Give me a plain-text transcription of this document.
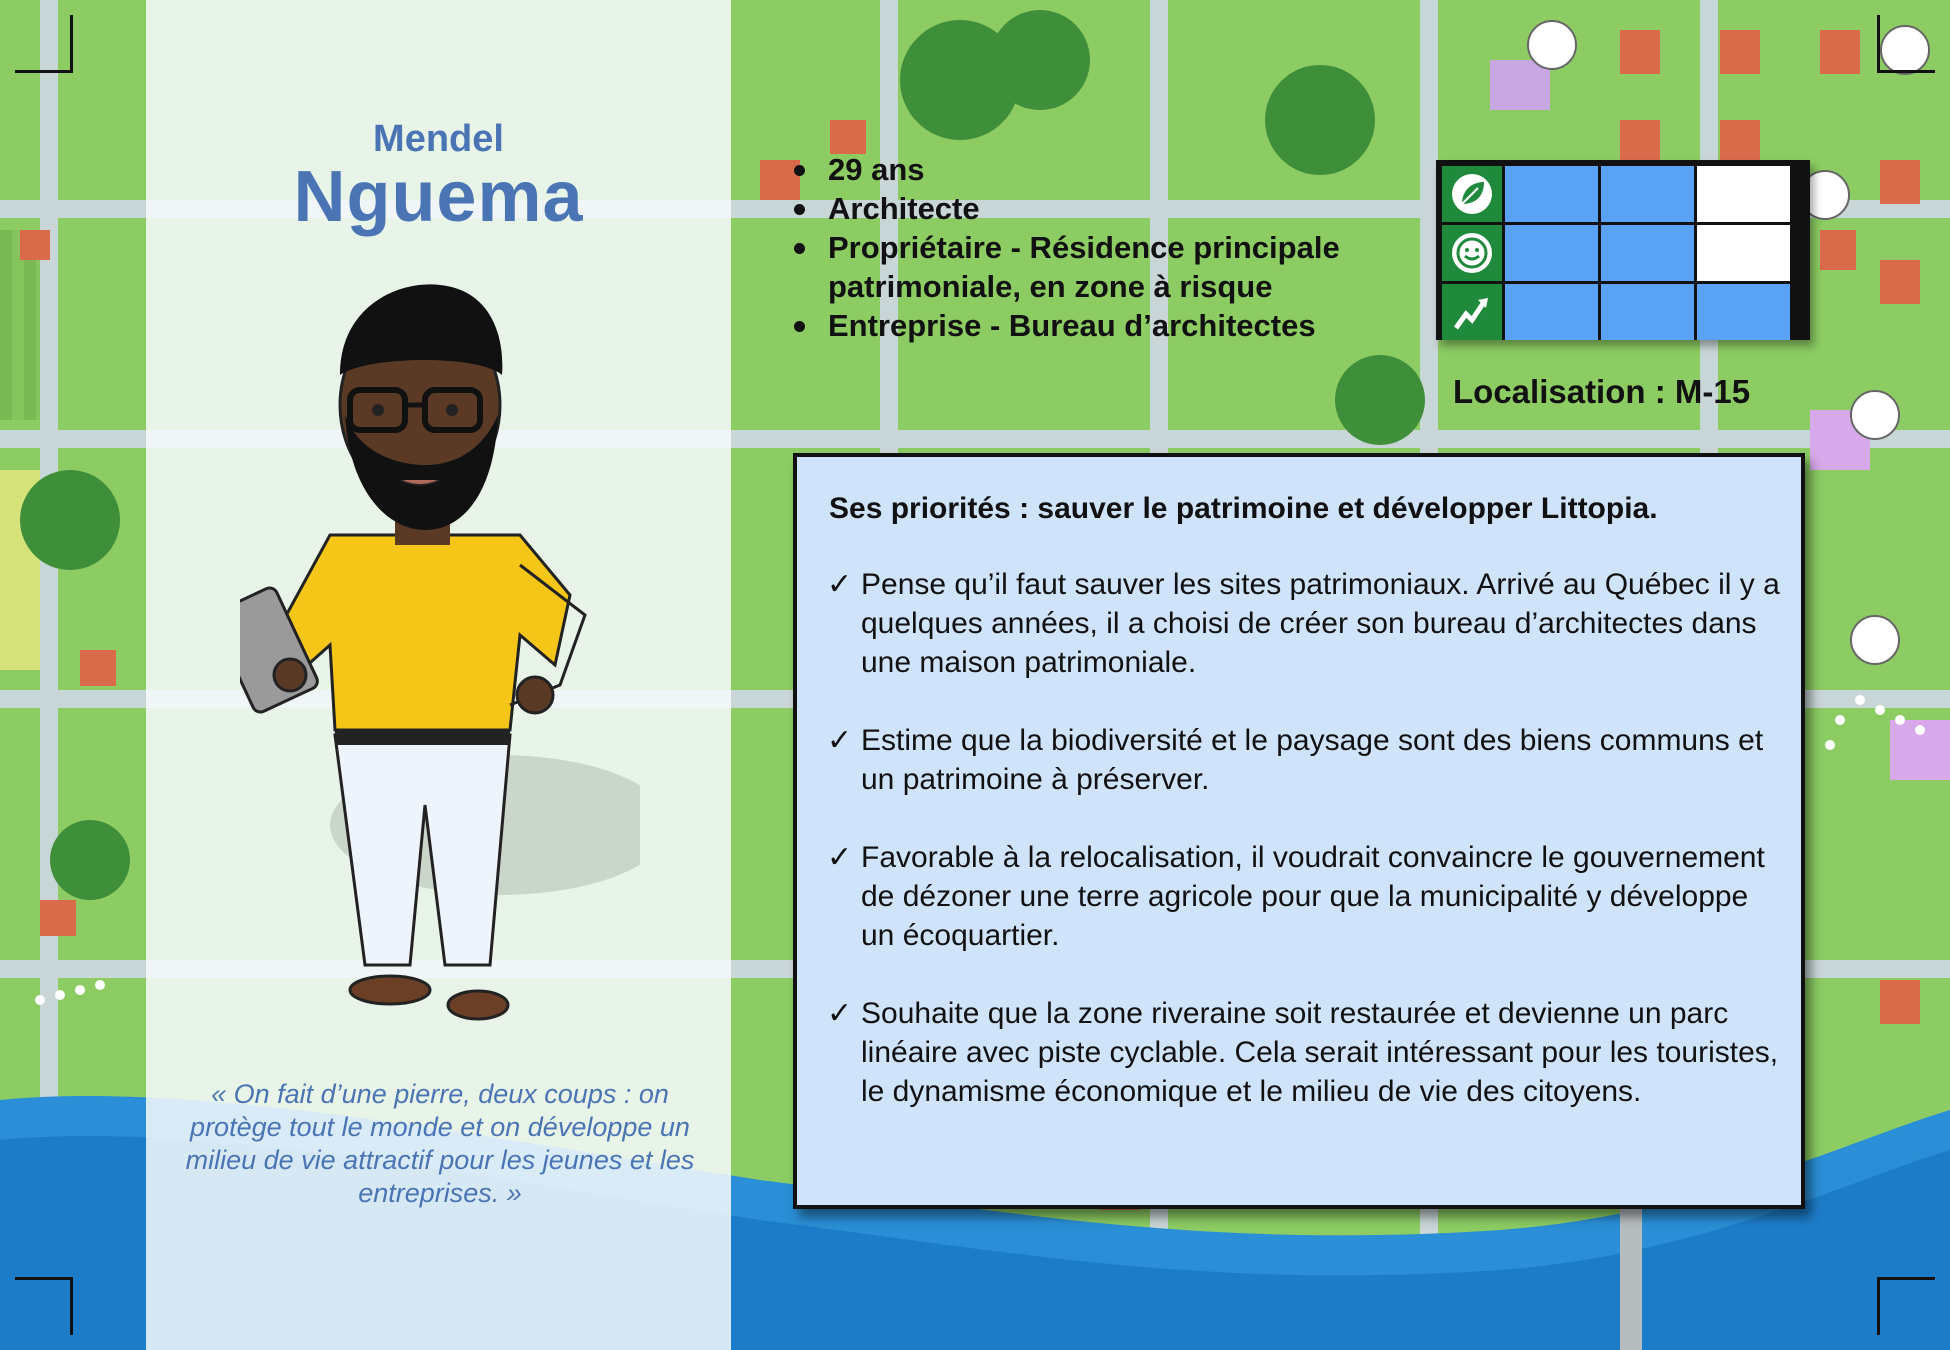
Mendel
Nguema
« On fait d’une pierre, deux coups : on protège tout le monde et on développe un milieu de vie attractif pour les jeunes et les entreprises. »
29 ans
Architecte
Propriétaire - Résidence principale patrimoniale, en zone à risque
Entreprise - Bureau d’architectes
Localisation : M-15
Ses priorités : sauver le patrimoine et développer Littopia.
✓ Pense qu’il faut sauver les sites patrimoniaux. Arrivé au Québec il y a quelques années, il a choisi de créer son bureau d’architectes dans une maison patrimoniale.
✓ Estime que la biodiversité et le paysage sont des biens communs et un patrimoine à préserver.
✓ Favorable à la relocalisation, il voudrait convaincre le gouvernement de dézoner une terre agricole pour que la municipalité y développe un écoquartier.
✓ Souhaite que la zone riveraine soit restaurée et devienne un parc linéaire avec piste cyclable. Cela serait intéressant pour les touristes, le dynamisme économique et le milieu de vie des citoyens.
